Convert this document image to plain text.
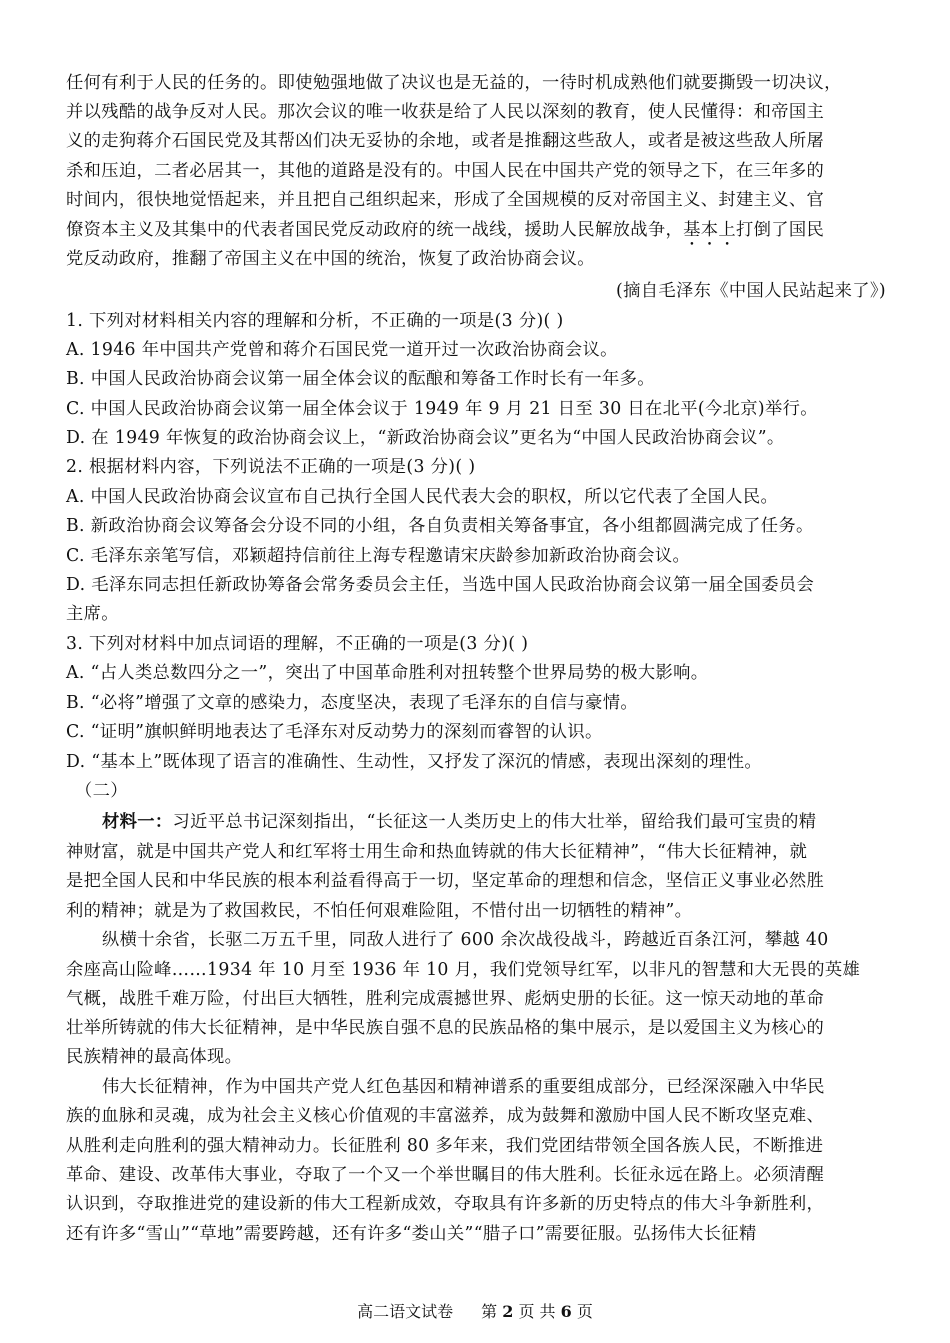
任何有利于人民的任务的。即使勉强地做了决议也是无益的，一待时机成熟他们就要撕毁一切决议，
并以残酷的战争反对人民。那次会议的唯一收获是给了人民以深刻的教育，使人民懂得：和帝国主
义的走狗蒋介石国民党及其帮凶们决无妥协的余地，或者是推翻这些敌人，或者是被这些敌人所屠
杀和压迫，二者必居其一，其他的道路是没有的。中国人民在中国共产党的领导之下，在三年多的
时间内，很快地觉悟起来，并且把自己组织起来，形成了全国规模的反对帝国主义、封建主义、官
僚资本主义及其集中的代表者国民党反动政府的统一战线，援助人民解放战争，基本上打倒了国民
党反动政府，推翻了帝国主义在中国的统治，恢复了政治协商会议。
(摘自毛泽东《中国人民站起来了》)
1. 下列对材料相关内容的理解和分析，不正确的一项是(3 分)( )
A. 1946 年中国共产党曾和蒋介石国民党一道开过一次政治协商会议。
B. 中国人民政治协商会议第一届全体会议的酝酿和筹备工作时长有一年多。
C. 中国人民政治协商会议第一届全体会议于 1949 年 9 月 21 日至 30 日在北平(今北京)举行。
D. 在 1949 年恢复的政治协商会议上，“新政治协商会议”更名为“中国人民政治协商会议”。
2. 根据材料内容，下列说法不正确的一项是(3 分)( )
A. 中国人民政治协商会议宣布自己执行全国人民代表大会的职权，所以它代表了全国人民。
B. 新政治协商会议筹备会分设不同的小组，各自负责相关筹备事宜，各小组都圆满完成了任务。
C. 毛泽东亲笔写信，邓颖超持信前往上海专程邀请宋庆龄参加新政治协商会议。
D. 毛泽东同志担任新政协筹备会常务委员会主任，当选中国人民政治协商会议第一届全国委员会
主席。
3. 下列对材料中加点词语的理解，不正确的一项是(3 分)( )
A. “占人类总数四分之一”，突出了中国革命胜利对扭转整个世界局势的极大影响。
B. “必将”增强了文章的感染力，态度坚决，表现了毛泽东的自信与豪情。
C. “证明”旗帜鲜明地表达了毛泽东对反动势力的深刻而睿智的认识。
D. “基本上”既体现了语言的准确性、生动性，又抒发了深沉的情感，表现出深刻的理性。
（二）
材料一：习近平总书记深刻指出，“长征这一人类历史上的伟大壮举，留给我们最可宝贵的精
神财富，就是中国共产党人和红军将士用生命和热血铸就的伟大长征精神”，“伟大长征精神，就
是把全国人民和中华民族的根本利益看得高于一切，坚定革命的理想和信念，坚信正义事业必然胜
利的精神；就是为了救国救民，不怕任何艰难险阻，不惜付出一切牺牲的精神”。
纵横十余省，长驱二万五千里，同敌人进行了 600 余次战役战斗，跨越近百条江河，攀越 40
余座高山险峰……1934 年 10 月至 1936 年 10 月，我们党领导红军，以非凡的智慧和大无畏的英雄
气概，战胜千难万险，付出巨大牺牲，胜利完成震撼世界、彪炳史册的长征。这一惊天动地的革命
壮举所铸就的伟大长征精神，是中华民族自强不息的民族品格的集中展示，是以爱国主义为核心的
民族精神的最高体现。
伟大长征精神，作为中国共产党人红色基因和精神谱系的重要组成部分，已经深深融入中华民
族的血脉和灵魂，成为社会主义核心价值观的丰富滋养，成为鼓舞和激励中国人民不断攻坚克难、
从胜利走向胜利的强大精神动力。长征胜利 80 多年来，我们党团结带领全国各族人民，不断推进
革命、建设、改革伟大事业，夺取了一个又一个举世瞩目的伟大胜利。长征永远在路上。必须清醒
认识到，夺取推进党的建设新的伟大工程新成效，夺取具有许多新的历史特点的伟大斗争新胜利，
还有许多“雪山”“草地”需要跨越，还有许多“娄山关”“腊子口”需要征服。弘扬伟大长征精
高二语文试卷 第 2 页 共 6 页
